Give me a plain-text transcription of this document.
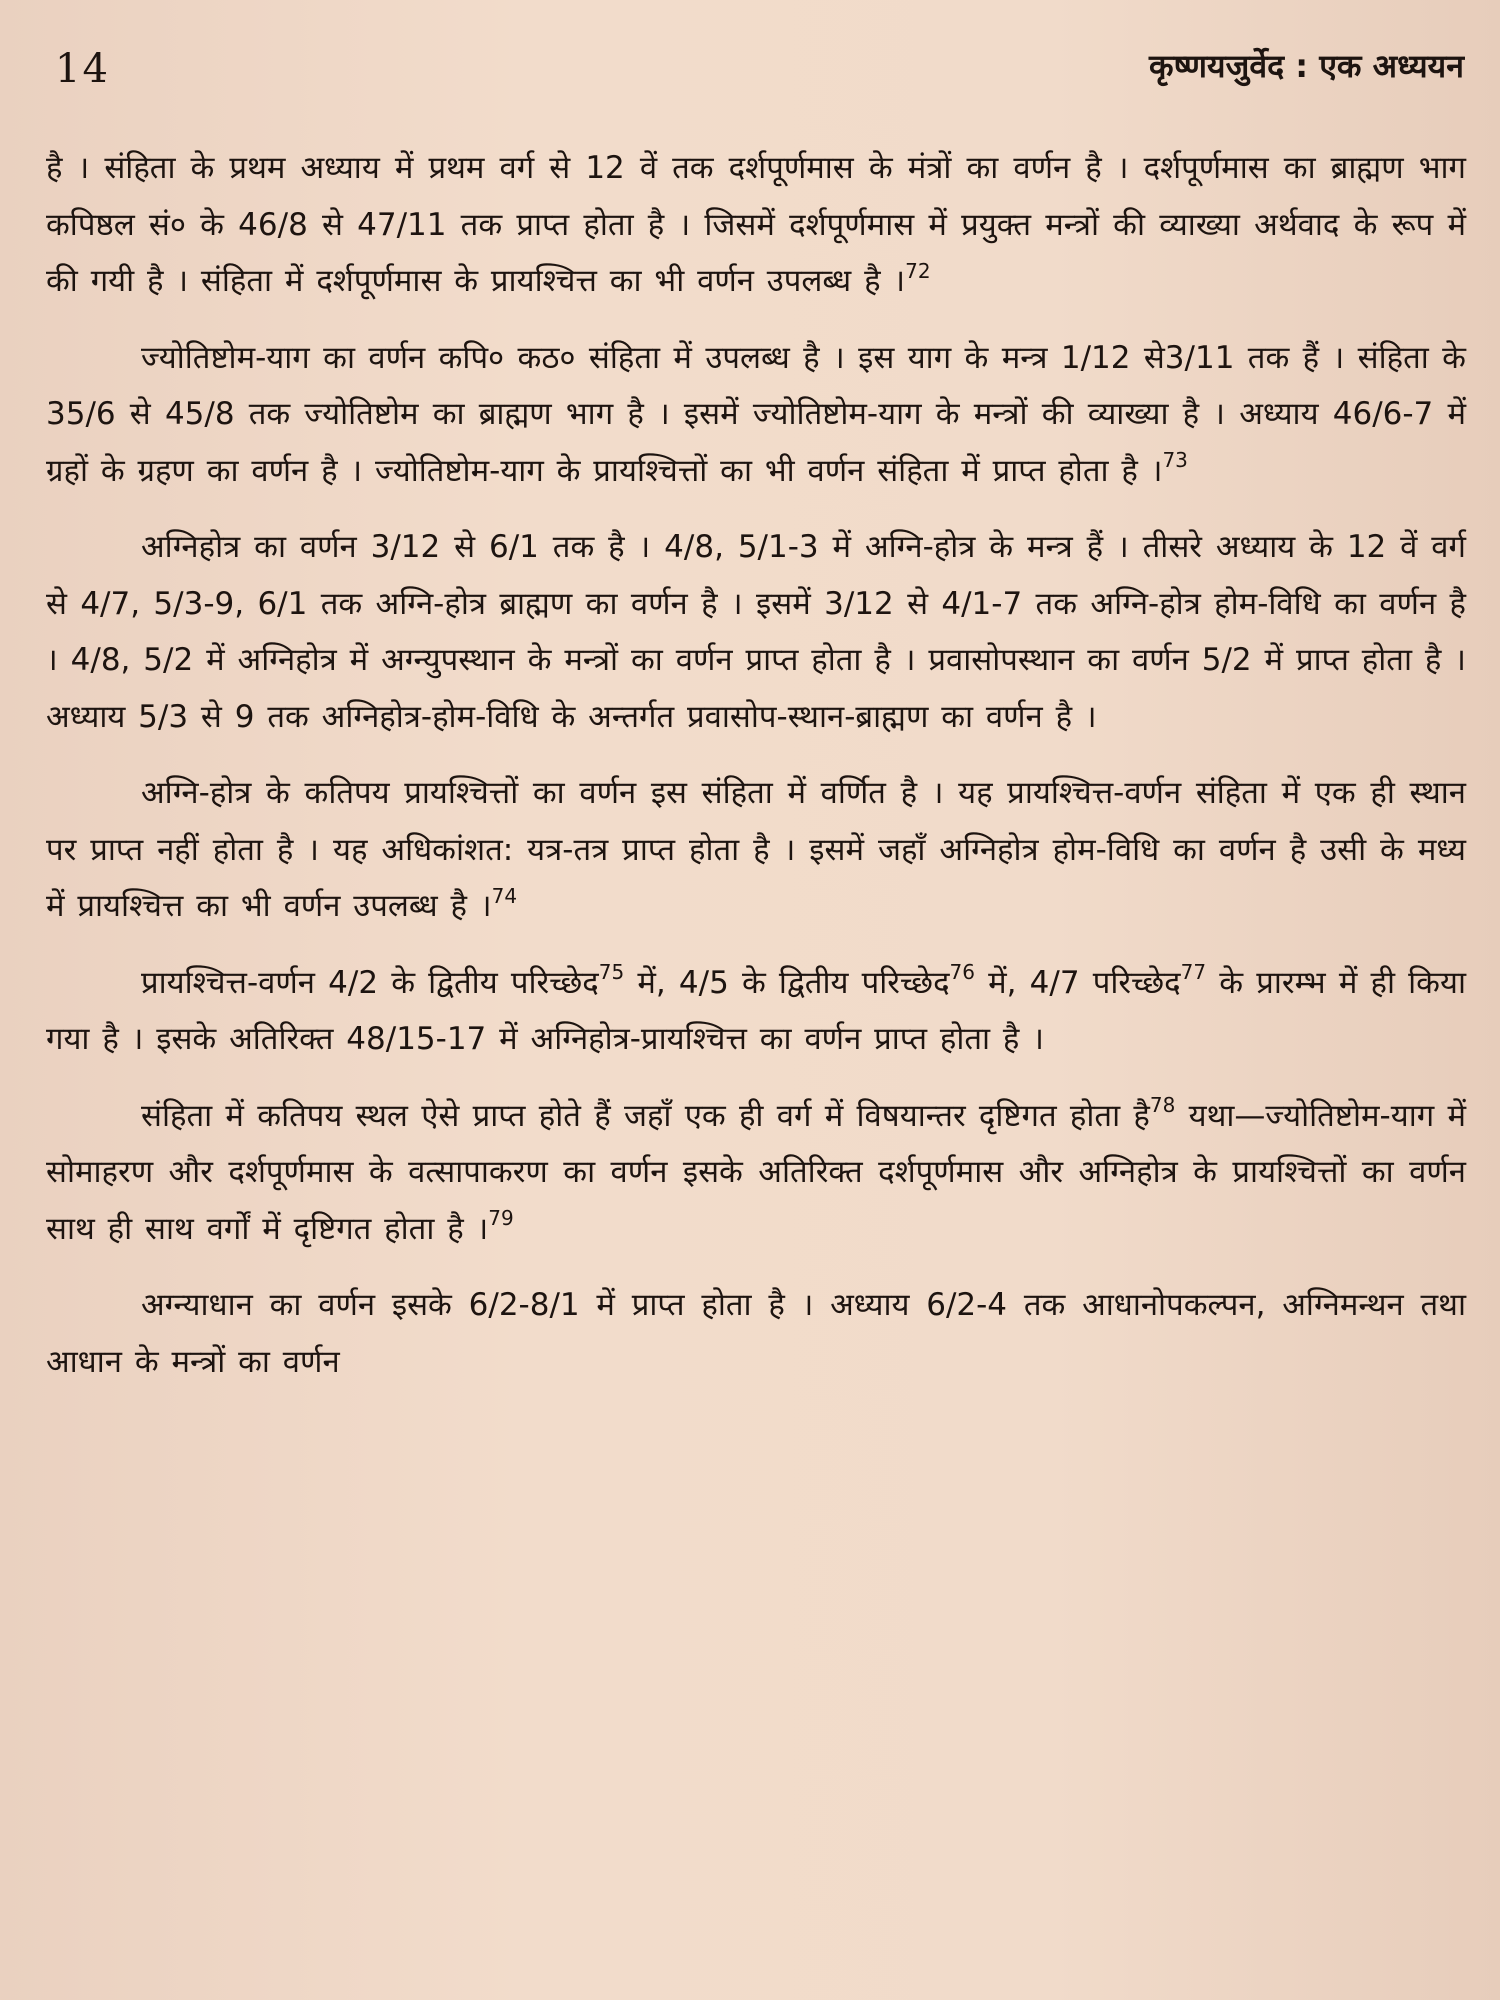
14	कृष्णयजुर्वेद : एक अध्ययन

है । संहिता के प्रथम अध्याय में प्रथम वर्ग से 12 वें तक दर्शपूर्णमास के मंत्रों का वर्णन है । दर्शपूर्णमास का ब्राह्मण भाग कपिष्ठल सं० के 46/8 से 47/11 तक प्राप्त होता है । जिसमें दर्शपूर्णमास में प्रयुक्त मन्त्रों की व्याख्या अर्थवाद के रूप में की गयी है । संहिता में दर्शपूर्णमास के प्रायश्चित्त का भी वर्णन उपलब्ध है ।$^{72}$

ज्योतिष्टोम-याग का वर्णन कपि० कठ० संहिता में उपलब्ध है । इस याग के मन्त्र 1/12 से3/11 तक हैं । संहिता के 35/6 से 45/8 तक ज्योतिष्टोम का ब्राह्मण भाग है । इसमें ज्योतिष्टोम-याग के मन्त्रों की व्याख्या है । अध्याय 46/6-7 में ग्रहों के ग्रहण का वर्णन है । ज्योतिष्टोम-याग के प्रायश्चित्तों का भी वर्णन संहिता में प्राप्त होता है ।$^{73}$

अग्निहोत्र का वर्णन 3/12 से 6/1 तक है । 4/8, 5/1-3 में अग्नि-होत्र के मन्त्र हैं । तीसरे अध्याय के 12 वें वर्ग से 4/7, 5/3-9, 6/1 तक अग्नि-होत्र ब्राह्मण का वर्णन है । इसमें 3/12 से 4/1-7 तक अग्नि-होत्र होम-विधि का वर्णन है । 4/8, 5/2 में अग्निहोत्र में अग्न्युपस्थान के मन्त्रों का वर्णन प्राप्त होता है । प्रवासोपस्थान का वर्णन 5/2 में प्राप्त होता है । अध्याय 5/3 से 9 तक अग्निहोत्र-होम-विधि के अन्तर्गत प्रवासोप-स्थान-ब्राह्मण का वर्णन है ।

अग्नि-होत्र के कतिपय प्रायश्चित्तों का वर्णन इस संहिता में वर्णित है । यह प्रायश्चित्त-वर्णन संहिता में एक ही स्थान पर प्राप्त नहीं होता है । यह अधिकांशत: यत्र-तत्र प्राप्त होता है । इसमें जहाँ अग्निहोत्र होम-विधि का वर्णन है उसी के मध्य में प्रायश्चित्त का भी वर्णन उपलब्ध है ।$^{74}$

प्रायश्चित्त-वर्णन 4/2 के द्वितीय परिच्छेद$^{75}$ में, 4/5 के द्वितीय परिच्छेद$^{76}$ में, 4/7 परिच्छेद$^{77}$ के प्रारम्भ में ही किया गया है । इसके अतिरिक्त 48/15-17 में अग्निहोत्र-प्रायश्चित्त का वर्णन प्राप्त होता है ।

संहिता में कतिपय स्थल ऐसे प्राप्त होते हैं जहाँ एक ही वर्ग में विषयान्तर दृष्टिगत होता है$^{78}$ यथा—ज्योतिष्टोम-याग में सोमाहरण और दर्शपूर्णमास के वत्सापाकरण का वर्णन इसके अतिरिक्त दर्शपूर्णमास और अग्निहोत्र के प्रायश्चित्तों का वर्णन साथ ही साथ वर्गों में दृष्टिगत होता है ।$^{79}$

अग्न्याधान का वर्णन इसके 6/2-8/1 में प्राप्त होता है । अध्याय 6/2-4 तक आधानोपकल्पन, अग्निमन्थन तथा आधान के मन्त्रों का वर्णन
